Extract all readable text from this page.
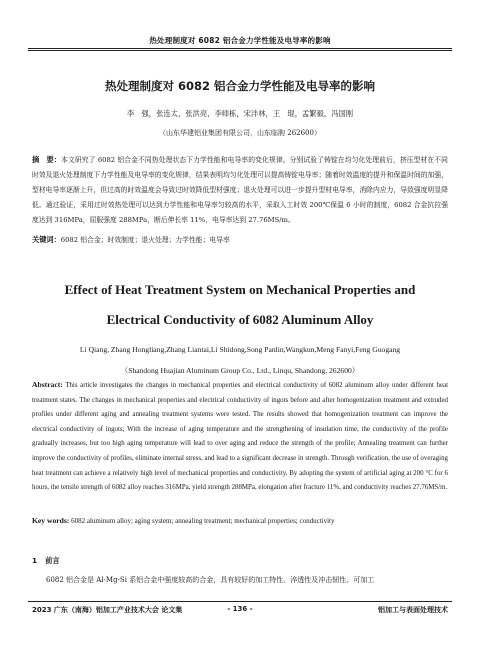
热处理制度对 6082 铝合金力学性能及电导率的影响
热处理制度对 6082 铝合金力学性能及电导率的影响
李　强，张连太，张洪亮，李师栋，宋泮林，王　琨，孟繁毅，冯国刚
（山东华建铝业集团有限公司，山东临朐 262600）
摘　要：本文研究了 6082 铝合金不同热处理状态下力学性能和电导率的变化规律。分别试验了铸锭在均匀化处理前后，挤压型材在不同时效及退火处理制度下力学性能及电导率的变化规律，结果表明均匀化处理可以提高铸锭电导率；随着时效温度的提升和保温时间的加强，型材电导率逐渐上升，但过高的时效温度会导致过时效降低型材强度；退火处理可以进一步提升型材电导率，消除内应力，导致强度明显降低。通过验证，采用过时效热处理可以达到力学性能和电导率匀较高的水平，采取人工时效 200℃保温 6 小时的制度，6082 合金抗拉强度达到 316MPa，屈服强度 288MPa，断后伸长率 11%，电导率达到 27.76MS/m。
关键词：6082 铝合金；时效制度；退火处理；力学性能；电导率
Effect of Heat Treatment System on Mechanical Properties and
Electrical Conductivity of 6082 Aluminum Alloy
Li Qiang, Zhang Hongliang,Zhang Liantai,Li Shidong,Song Panlin,Wangkun,Meng Fanyi,Feng Guogang
（Shandong Huajian Aluminum Group Co., Ltd., Linqu, Shandong, 262600）
Abstract: This article investigates the changes in mechanical properties and electrical conductivity of 6082 aluminum alloy under different heat treatment states. The changes in mechanical properties and electrical conductivity of ingots before and after homogenization treatment and extruded profiles under different aging and annealing treatment systems were tested. The results showed that homogenization treatment can improve the electrical conductivity of ingots; With the increase of aging temperature and the strengthening of insulation time, the conductivity of the profile gradually increases, but too high aging temperature will lead to over aging and reduce the strength of the profile; Annealing treatment can further improve the conductivity of profiles, eliminate internal stress, and lead to a significant decrease in strength. Through verification, the use of overaging heat treatment can achieve a relatively high level of mechanical properties and conductivity. By adopting the system of artificial aging at 200 °C for 6 hours, the tensile strength of 6082 alloy reaches 316MPa, yield strength 288MPa, elongation after fracture 11%, and conductivity reaches 27.76MS/m.
Key words: 6082 aluminum alloy; aging system; annealing treatment; mechanical properties; conductivity
1 前言
6082 铝合金是 Al-Mg-Si 系铝合金中强度较高的合金，具有较好的加工特性、淬透性及冲击韧性、可加工
2023 广东（南海）铝加工产业技术大会 论文集	- 136 -	铝加工与表面处理技术
